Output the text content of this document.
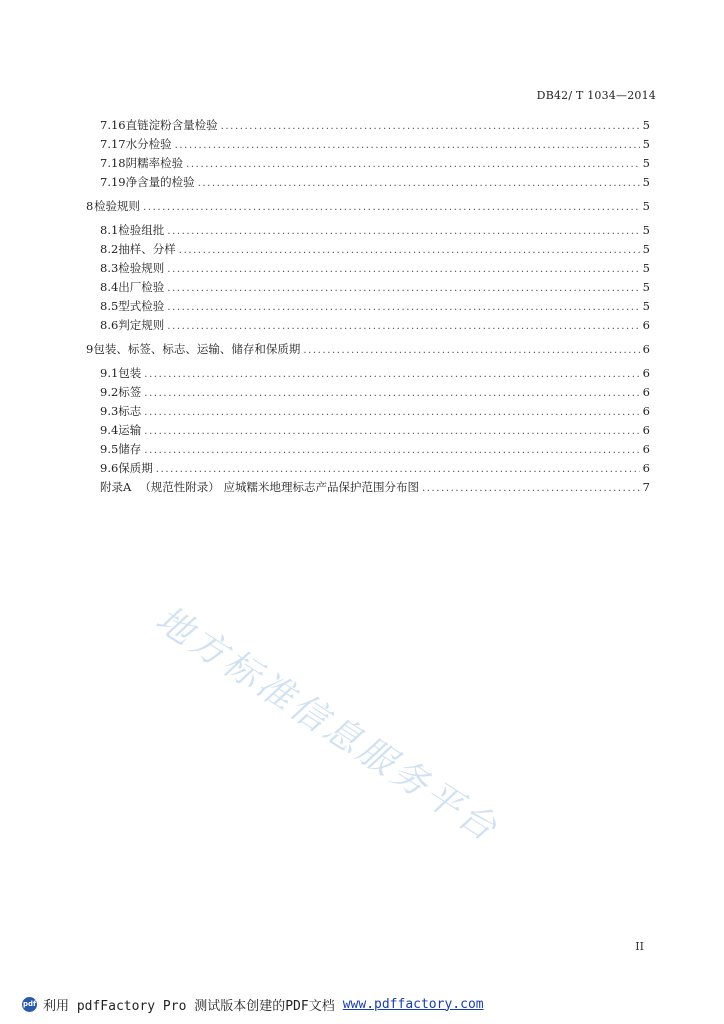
DB42/ T 1034—2014
7.16 直链淀粉含量检验 .....	5
7.17 水分检验 .....	5
7.18 阴糯率检验 .....	5
7.19 净含量的检验 .....	5
8 检验规则 .....	5
8.1 检验组批 .....	5
8.2 抽样、分样 .....	5
8.3 检验规则 .....	5
8.4 出厂检验 .....	5
8.5 型式检验 .....	5
8.6 判定规则 .....	6
9 包装、标签、标志、运输、储存和保质期 .....	6
9.1 包装 .....	6
9.2 标签 .....	6
9.3 标志 .....	6
9.4 运输 .....	6
9.5 储存 .....	6
9.6 保质期 .....	6
附录A （规范性附录） 应城糯米地理标志产品保护范围分布图 .....	7
地方标准信息服务平台
II
pdf 利用 pdfFactory Pro 测试版本创建的PDF文档 www.pdffactory.com
